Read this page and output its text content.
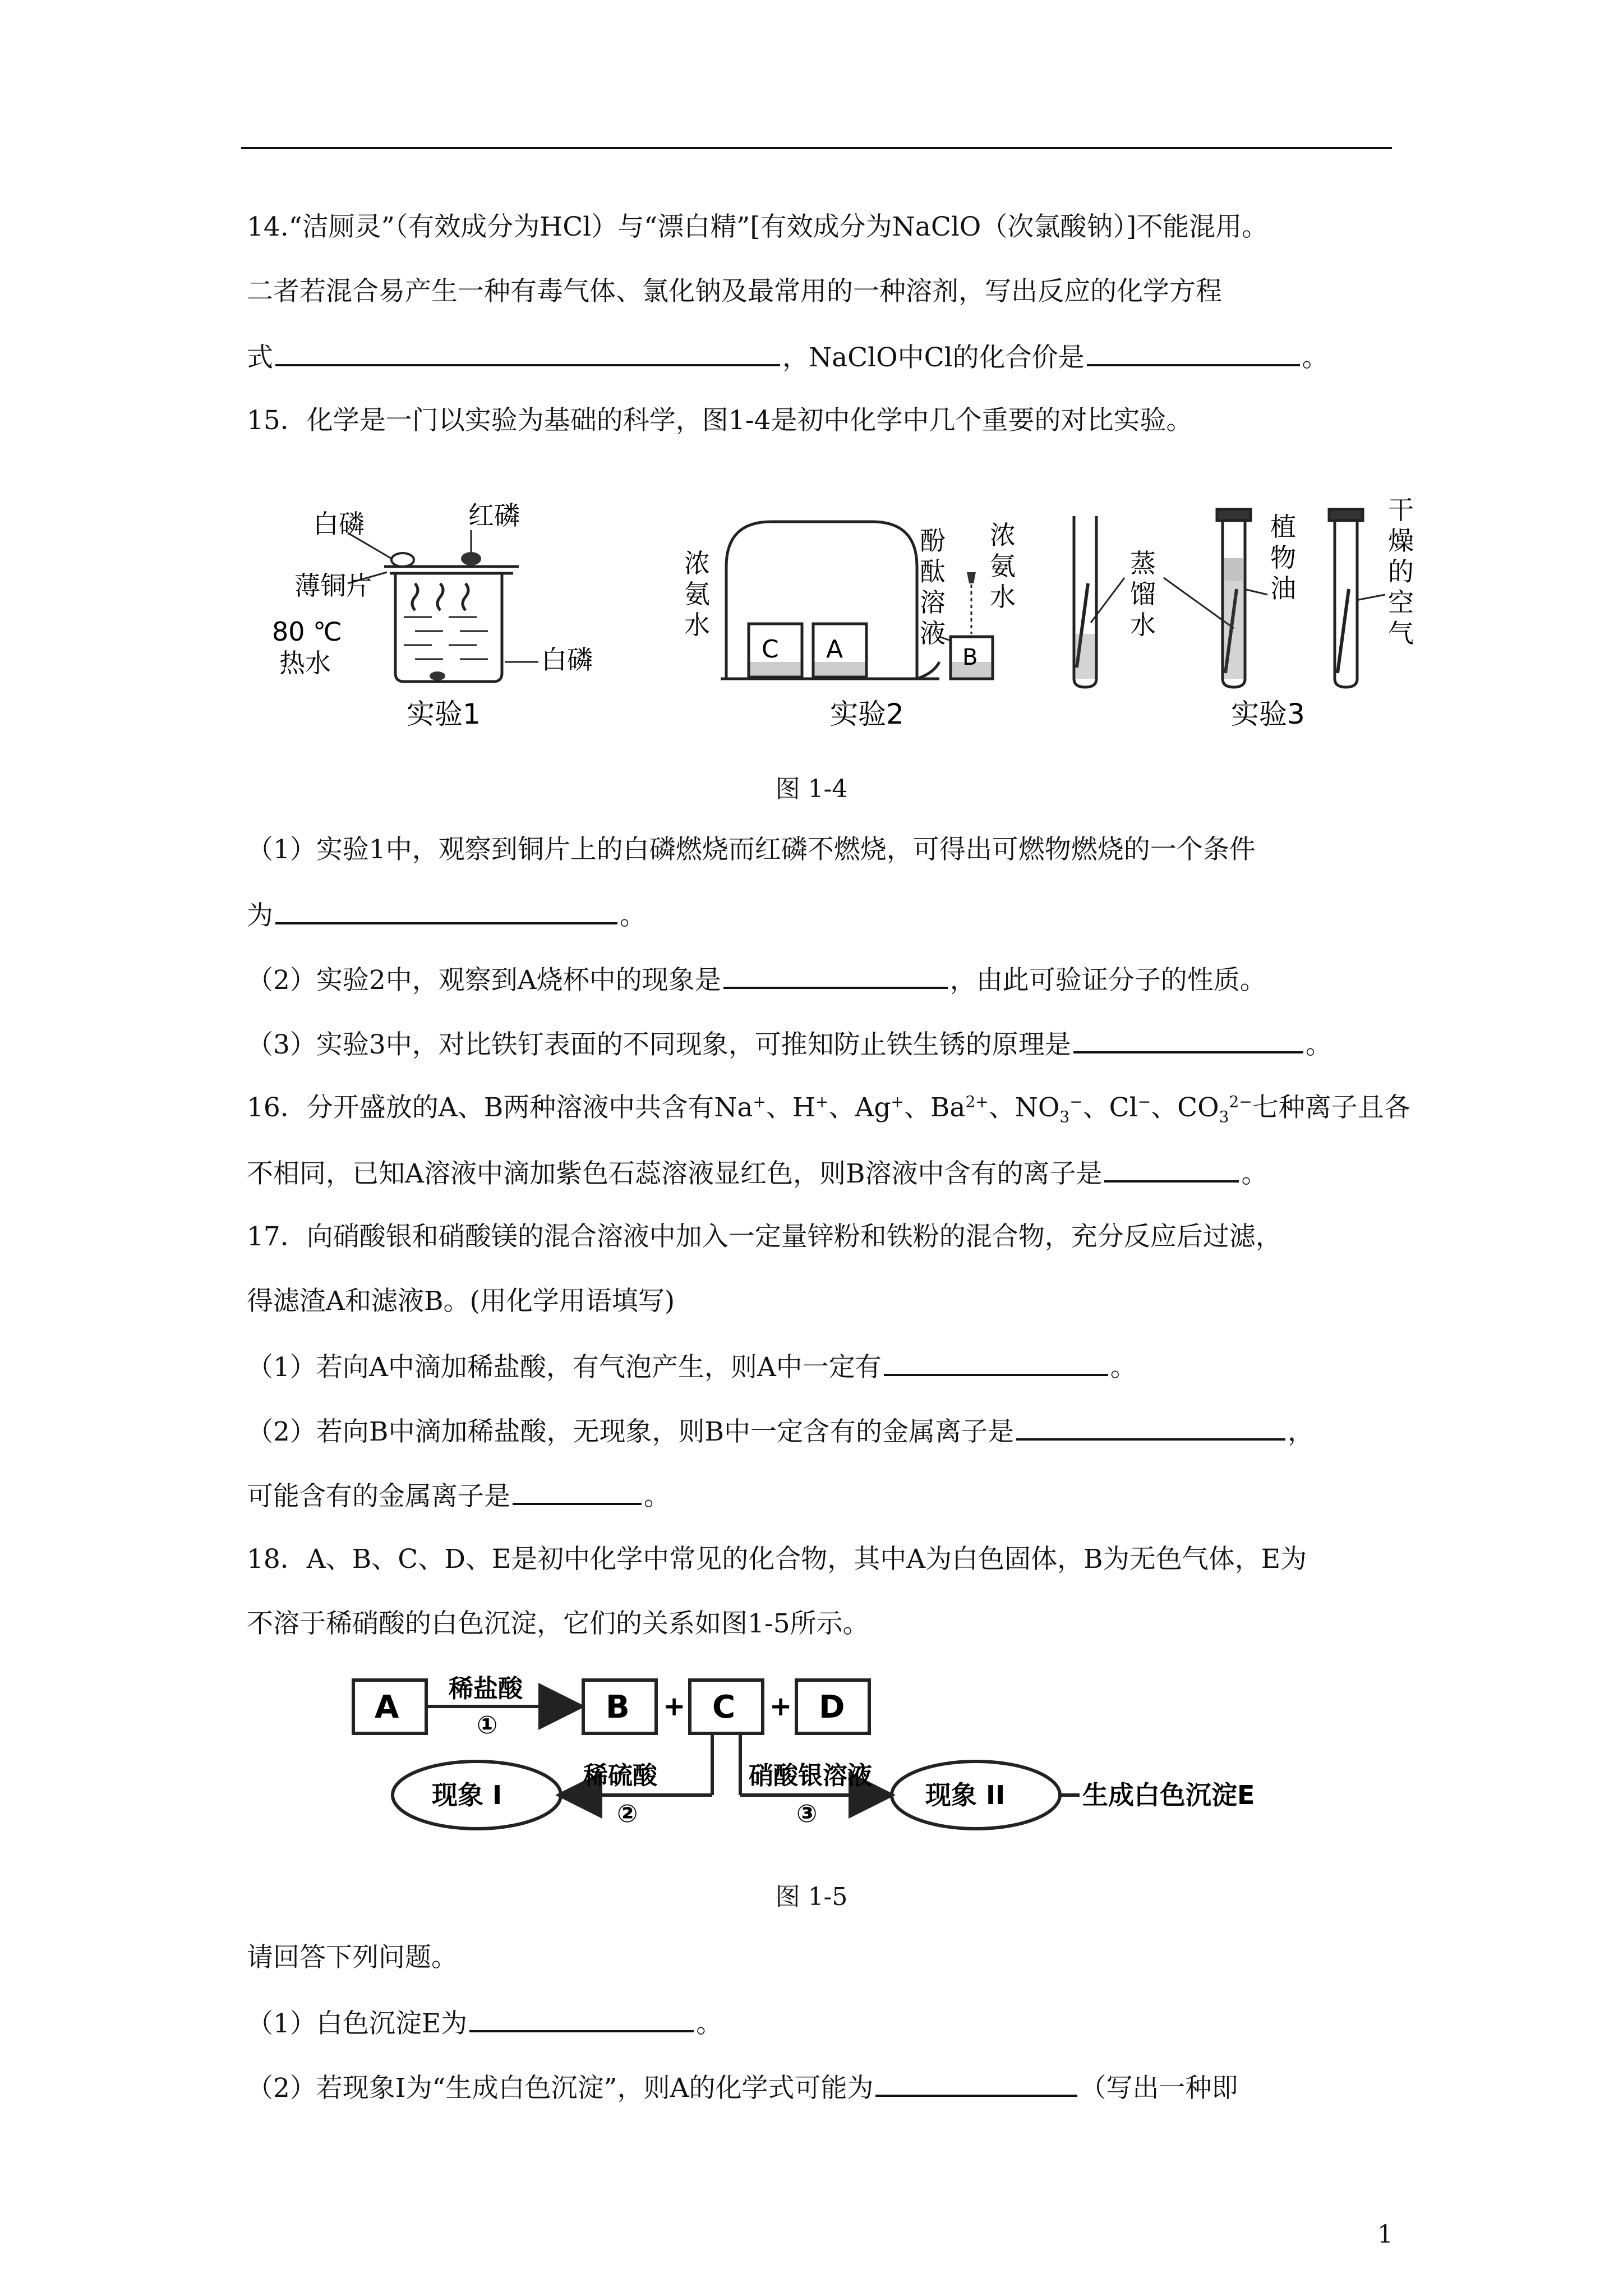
14.“洁厕灵”（有效成分为HCl）与“漂白精”[有效成分为NaClO（次氯酸钠）]不能混用。
二者若混合易产生一种有毒气体、氯化钠及最常用的一种溶剂，写出反应的化学方程
式	，NaClO中Cl的化合价是	。
15．化学是一门以实验为基础的科学，图1-4是初中化学中几个重要的对比实验。
白磷	红磷
薄铜片
80 ℃
热水	白磷
实验1
C A	B
浓氨水
酚酞溶液
浓氨水
实验2
蒸馏水
植物油
干燥的空气
实验3
图 1-4
（1）实验1中，观察到铜片上的白磷燃烧而红磷不燃烧，可得出可燃物燃烧的一个条件
为	。
（2）实验2中，观察到A烧杯中的现象是	，由此可验证分子的性质。
（3）实验3中，对比铁钉表面的不同现象，可推知防止铁生锈的原理是	。
16．分开盛放的A、B两种溶液中共含有Na+、H+、Ag+、$Ba^{2+}$、$NO_3^-$、Cl−、$CO_3^{2-}$七种离子且各
不相同，已知A溶液中滴加紫色石蕊溶液显红色，则B溶液中含有的离子是	。
17．向硝酸银和硝酸镁的混合溶液中加入一定量锌粉和铁粉的混合物，充分反应后过滤，
得滤渣A和滤液B。(用化学用语填写)
（1）若向A中滴加稀盐酸，有气泡产生，则A中一定有	。
（2）若向B中滴加稀盐酸，无现象，则B中一定含有的金属离子是	，
可能含有的金属离子是	。
18．A、B、C、D、E是初中化学中常见的化合物，其中A为白色固体，B为无色气体，E为
不溶于稀硝酸的白色沉淀，它们的关系如图1-5所示。
A	B	C	D
+	+
稀盐酸
①
稀硫酸
②
硝酸银溶液
③
现象 I	现象 II	生成白色沉淀E
图 1-5
请回答下列问题。
（1）白色沉淀E为	。
（2）若现象I为“生成白色沉淀”，则A的化学式可能为	（写出一种即
1
